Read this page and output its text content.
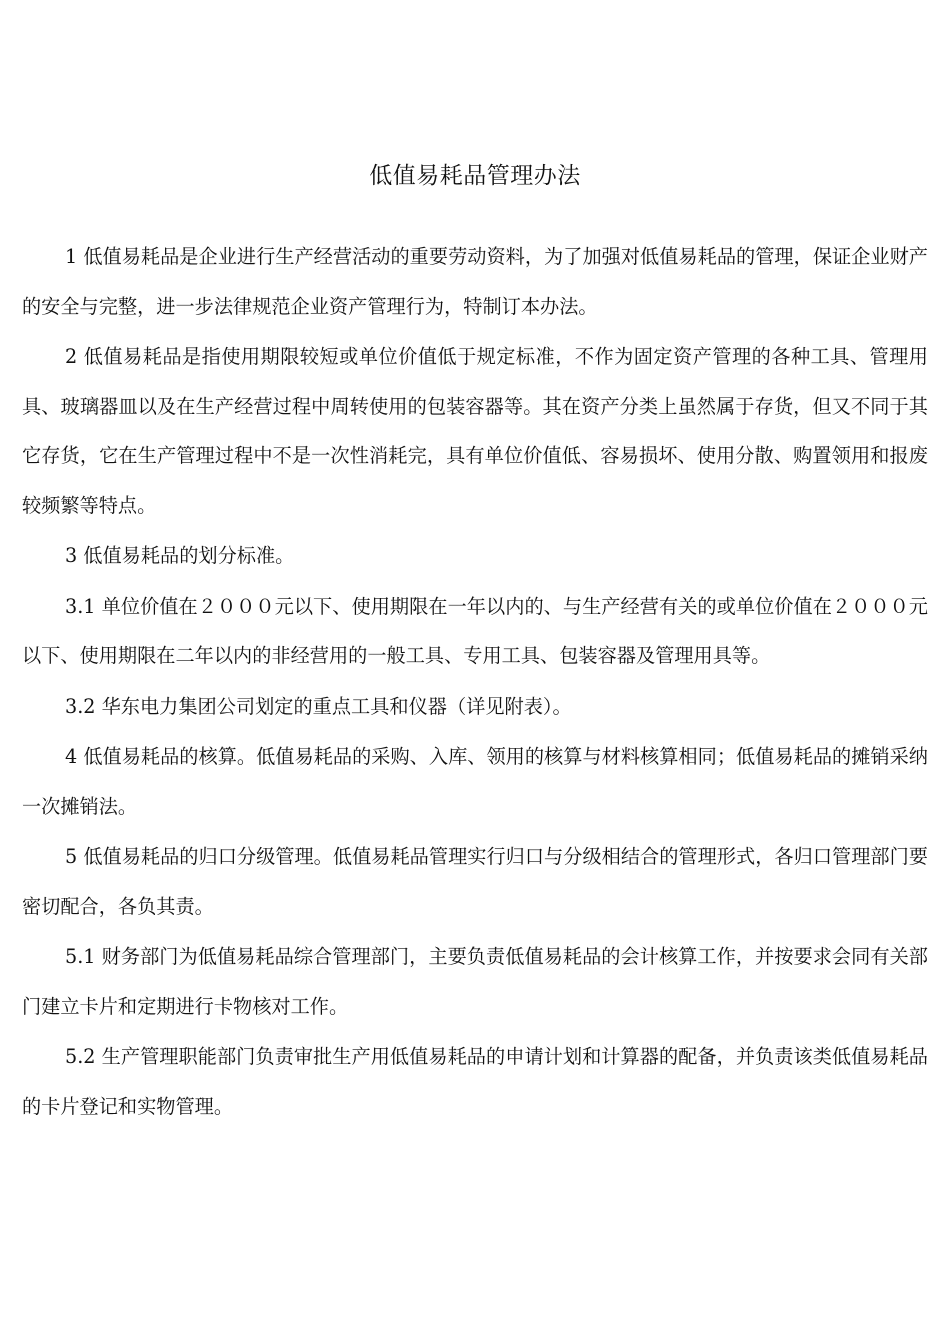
低值易耗品管理办法

1 低值易耗品是企业进行生产经营活动的重要劳动资料，为了加强对低值易耗品的管理，保证企业财产的安全与完整，进一步法律规范企业资产管理行为，特制订本办法。

2 低值易耗品是指使用期限较短或单位价值低于规定标准，不作为固定资产管理的各种工具、管理用具、玻璃器皿以及在生产经营过程中周转使用的包装容器等。其在资产分类上虽然属于存货，但又不同于其它存货，它在生产管理过程中不是一次性消耗完，具有单位价值低、容易损坏、使用分散、购置领用和报废较频繁等特点。

3 低值易耗品的划分标准。

3.1 单位价值在２０００元以下、使用期限在一年以内的、与生产经营有关的或单位价值在２０００元以下、使用期限在二年以内的非经营用的一般工具、专用工具、包装容器及管理用具等。

3.2 华东电力集团公司划定的重点工具和仪器（详见附表）。

4 低值易耗品的核算。低值易耗品的采购、入库、领用的核算与材料核算相同；低值易耗品的摊销采纳一次摊销法。

5 低值易耗品的归口分级管理。低值易耗品管理实行归口与分级相结合的管理形式，各归口管理部门要密切配合，各负其责。

5.1 财务部门为低值易耗品综合管理部门，主要负责低值易耗品的会计核算工作，并按要求会同有关部门建立卡片和定期进行卡物核对工作。

5.2 生产管理职能部门负责审批生产用低值易耗品的申请计划和计算器的配备，并负责该类低值易耗品的卡片登记和实物管理。
